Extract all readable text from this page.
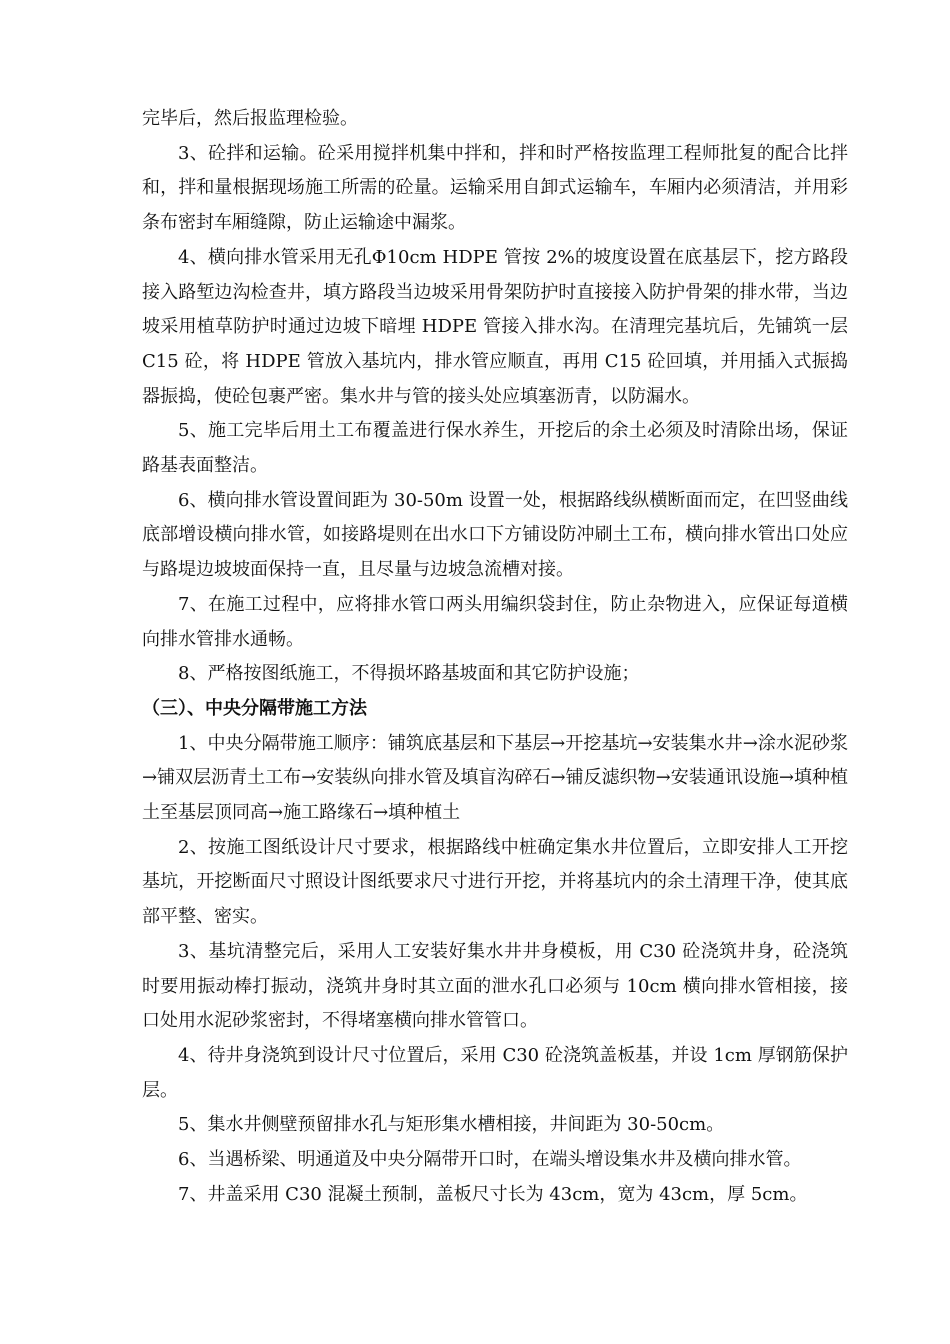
完毕后，然后报监理检验。

3、砼拌和运输。砼采用搅拌机集中拌和，拌和时严格按监理工程师批复的配合比拌和，拌和量根据现场施工所需的砼量。运输采用自卸式运输车，车厢内必须清洁，并用彩条布密封车厢缝隙，防止运输途中漏浆。

4、横向排水管采用无孔Φ10cm HDPE 管按 2%的坡度设置在底基层下，挖方路段接入路堑边沟检查井，填方路段当边坡采用骨架防护时直接接入防护骨架的排水带，当边坡采用植草防护时通过边坡下暗埋 HDPE 管接入排水沟。在清理完基坑后，先铺筑一层 C15 砼，将 HDPE 管放入基坑内，排水管应顺直，再用 C15 砼回填，并用插入式振捣器振捣，使砼包裹严密。集水井与管的接头处应填塞沥青，以防漏水。

5、施工完毕后用土工布覆盖进行保水养生，开挖后的余土必须及时清除出场，保证路基表面整洁。

6、横向排水管设置间距为 30-50m 设置一处，根据路线纵横断面而定，在凹竖曲线底部增设横向排水管，如接路堤则在出水口下方铺设防冲刷土工布，横向排水管出口处应与路堤边坡坡面保持一直，且尽量与边坡急流槽对接。

7、在施工过程中，应将排水管口两头用编织袋封住，防止杂物进入，应保证每道横向排水管排水通畅。

8、严格按图纸施工，不得损坏路基坡面和其它防护设施；

（三）、中央分隔带施工方法

1、中央分隔带施工顺序：铺筑底基层和下基层→开挖基坑→安装集水井→涂水泥砂浆→铺双层沥青土工布→安装纵向排水管及填盲沟碎石→铺反滤织物→安装通讯设施→填种植土至基层顶同高→施工路缘石→填种植土

2、按施工图纸设计尺寸要求，根据路线中桩确定集水井位置后，立即安排人工开挖基坑，开挖断面尺寸照设计图纸要求尺寸进行开挖，并将基坑内的余土清理干净，使其底部平整、密实。

3、基坑清整完后，采用人工安装好集水井井身模板，用 C30 砼浇筑井身，砼浇筑时要用振动棒打振动，浇筑井身时其立面的泄水孔口必须与 10cm 横向排水管相接，接口处用水泥砂浆密封，不得堵塞横向排水管管口。

4、待井身浇筑到设计尺寸位置后，采用 C30 砼浇筑盖板基，并设 1cm 厚钢筋保护层。

5、集水井侧壁预留排水孔与矩形集水槽相接，井间距为 30-50cm。

6、当遇桥梁、明通道及中央分隔带开口时，在端头增设集水井及横向排水管。

7、井盖采用 C30 混凝土预制，盖板尺寸长为 43cm，宽为 43cm，厚 5cm。
